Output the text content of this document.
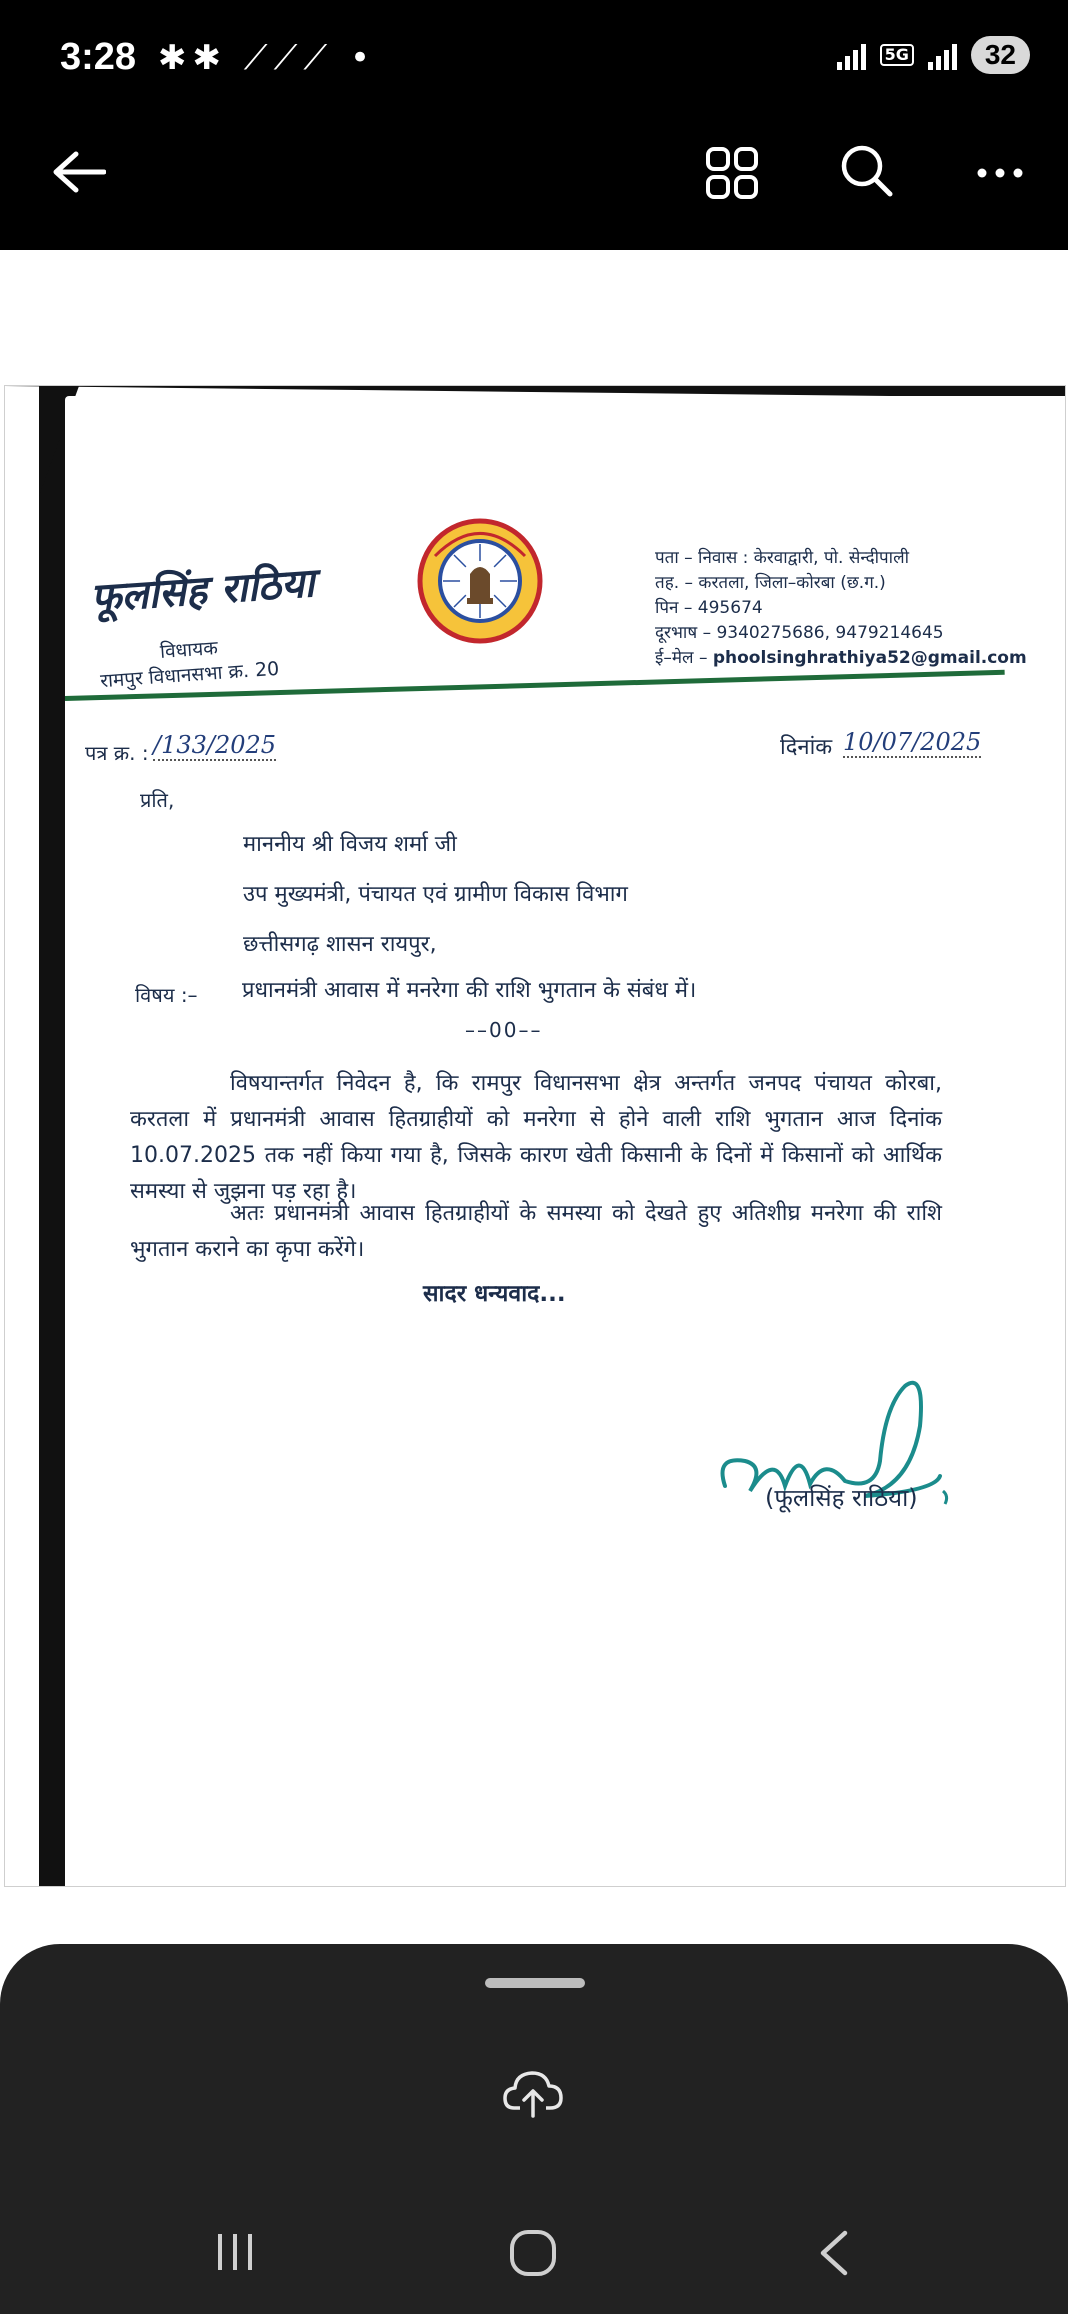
3:28 ✱✱ ⟋⟋⟋ •	5G	32
फूलसिंह राठिया
विधायक
रामपुर विधानसभा क्र. 20
पता – निवास : केरवाद्वारी, पो. सेन्दीपाली
तह. – करतला, जिला–कोरबा (छ.ग.)
पिन – 495674
दूरभाष – 9340275686, 9479214645
ई–मेल – phoolsinghrathiya52@gmail.com
पत्र क्र. : /133/2025	दिनांक 10/07/2025
प्रति,
माननीय श्री विजय शर्मा जी
उप मुख्यमंत्री, पंचायत एवं ग्रामीण विकास विभाग
छत्तीसगढ़ शासन रायपुर,
विषय :– प्रधानमंत्री आवास में मनरेगा की राशि भुगतान के संबंध में।
––00––
विषयान्तर्गत निवेदन है, कि रामपुर विधानसभा क्षेत्र अन्तर्गत जनपद पंचायत कोरबा, करतला में प्रधानमंत्री आवास हितग्राहीयों को मनरेगा से होने वाली राशि भुगतान आज दिनांक 10.07.2025 तक नहीं किया गया है, जिसके कारण खेती किसानी के दिनों में किसानों को आर्थिक समस्या से जुझना पड़ रहा है।
अतः प्रधानमंत्री आवास हितग्राहीयों के समस्या को देखते हुए अतिशीघ्र मनरेगा की राशि भुगतान कराने का कृपा करेंगे।
सादर धन्यवाद...
(फूलसिंह राठिया)
